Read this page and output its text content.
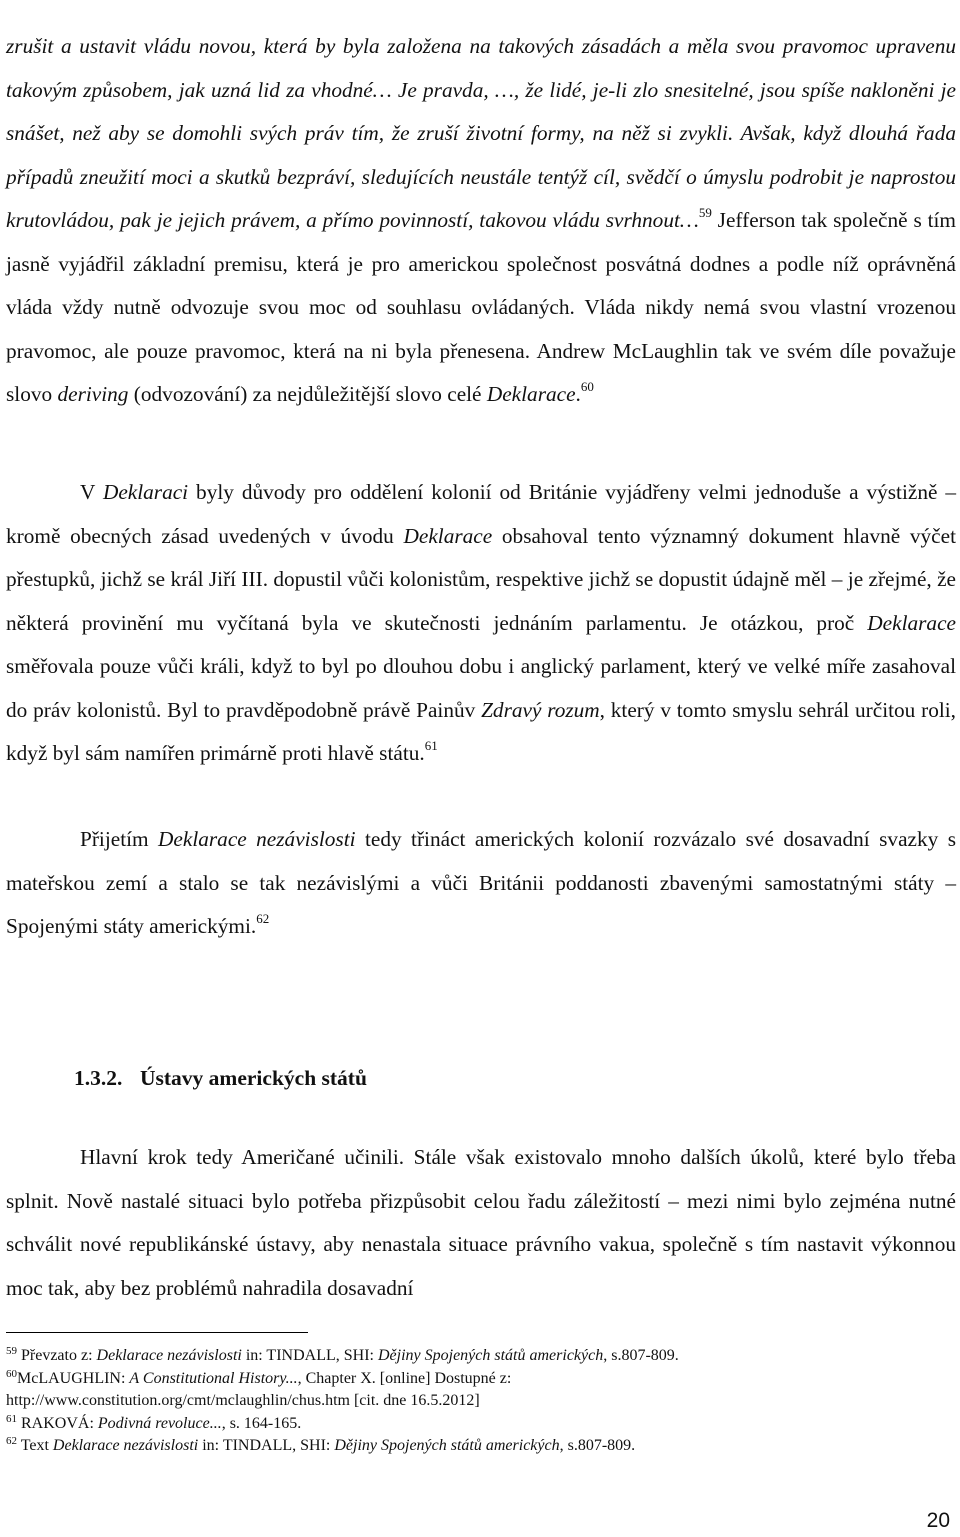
zrušit a ustavit vládu novou, která by byla založena na takových zásadách a měla svou pravomoc upravenu takovým způsobem, jak uzná lid za vhodné… Je pravda, …, že lidé, je-li zlo snesitelné, jsou spíše nakloněni je snášet, než aby se domohli svých práv tím, že zruší životní formy, na něž si zvykli. Avšak, když dlouhá řada případů zneužití moci a skutků bezpráví, sledujících neustále tentýž cíl, svědčí o úmyslu podrobit je naprostou krutovládou, pak je jejich právem, a přímo povinností, takovou vládu svrhnout…$^{59}$ Jefferson tak společně s tím jasně vyjádřil základní premisu, která je pro americkou společnost posvátná dodnes a podle níž oprávněná vláda vždy nutně odvozuje svou moc od souhlasu ovládaných. Vláda nikdy nemá svou vlastní vrozenou pravomoc, ale pouze pravomoc, která na ni byla přenesena. Andrew McLaughlin tak ve svém díle považuje slovo deriving (odvozování) za nejdůležitější slovo celé Deklarace.$^{60}$

V Deklaraci byly důvody pro oddělení kolonií od Británie vyjádřeny velmi jednoduše a výstižně – kromě obecných zásad uvedených v úvodu Deklarace obsahoval tento významný dokument hlavně výčet přestupků, jichž se král Jiří III. dopustil vůči kolonistům, respektive jichž se dopustit údajně měl – je zřejmé, že některá provinění mu vyčítaná byla ve skutečnosti jednáním parlamentu. Je otázkou, proč Deklarace směřovala pouze vůči králi, když to byl po dlouhou dobu i anglický parlament, který ve velké míře zasahoval do práv kolonistů. Byl to pravděpodobně právě Painův Zdravý rozum, který v tomto smyslu sehrál určitou roli, když byl sám namířen primárně proti hlavě státu.$^{61}$

Přijetím Deklarace nezávislosti tedy třináct amerických kolonií rozvázalo své dosavadní svazky s mateřskou zemí a stalo se tak nezávislými a vůči Británii poddanosti zbavenými samostatnými státy – Spojenými státy americkými.$^{62}$

Hlavní krok tedy Američané učinili. Stále však existovalo mnoho dalších úkolů, které bylo třeba splnit. Nově nastalé situaci bylo potřeba přizpůsobit celou řadu záležitostí – mezi nimi bylo zejména nutné schválit nové republikánské ústavy, aby nenastala situace právního vakua, společně s tím nastavit výkonnou moc tak, aby bez problémů nahradila dosavadní

1.3.2. Ústavy amerických států

$^{59}$ Převzato z: Deklarace nezávislosti in: TINDALL, SHI: Dějiny Spojených států amerických, s.807-809.

$^{60}$McLAUGHLIN: A Constitutional History..., Chapter X. [online] Dostupné z:

http://www.constitution.org/cmt/mclaughlin/chus.htm [cit. dne 16.5.2012]

$^{61}$ RAKOVÁ: Podivná revoluce..., s. 164-165.

$^{62}$ Text Deklarace nezávislosti in: TINDALL, SHI: Dějiny Spojených států amerických, s.807-809.

20
